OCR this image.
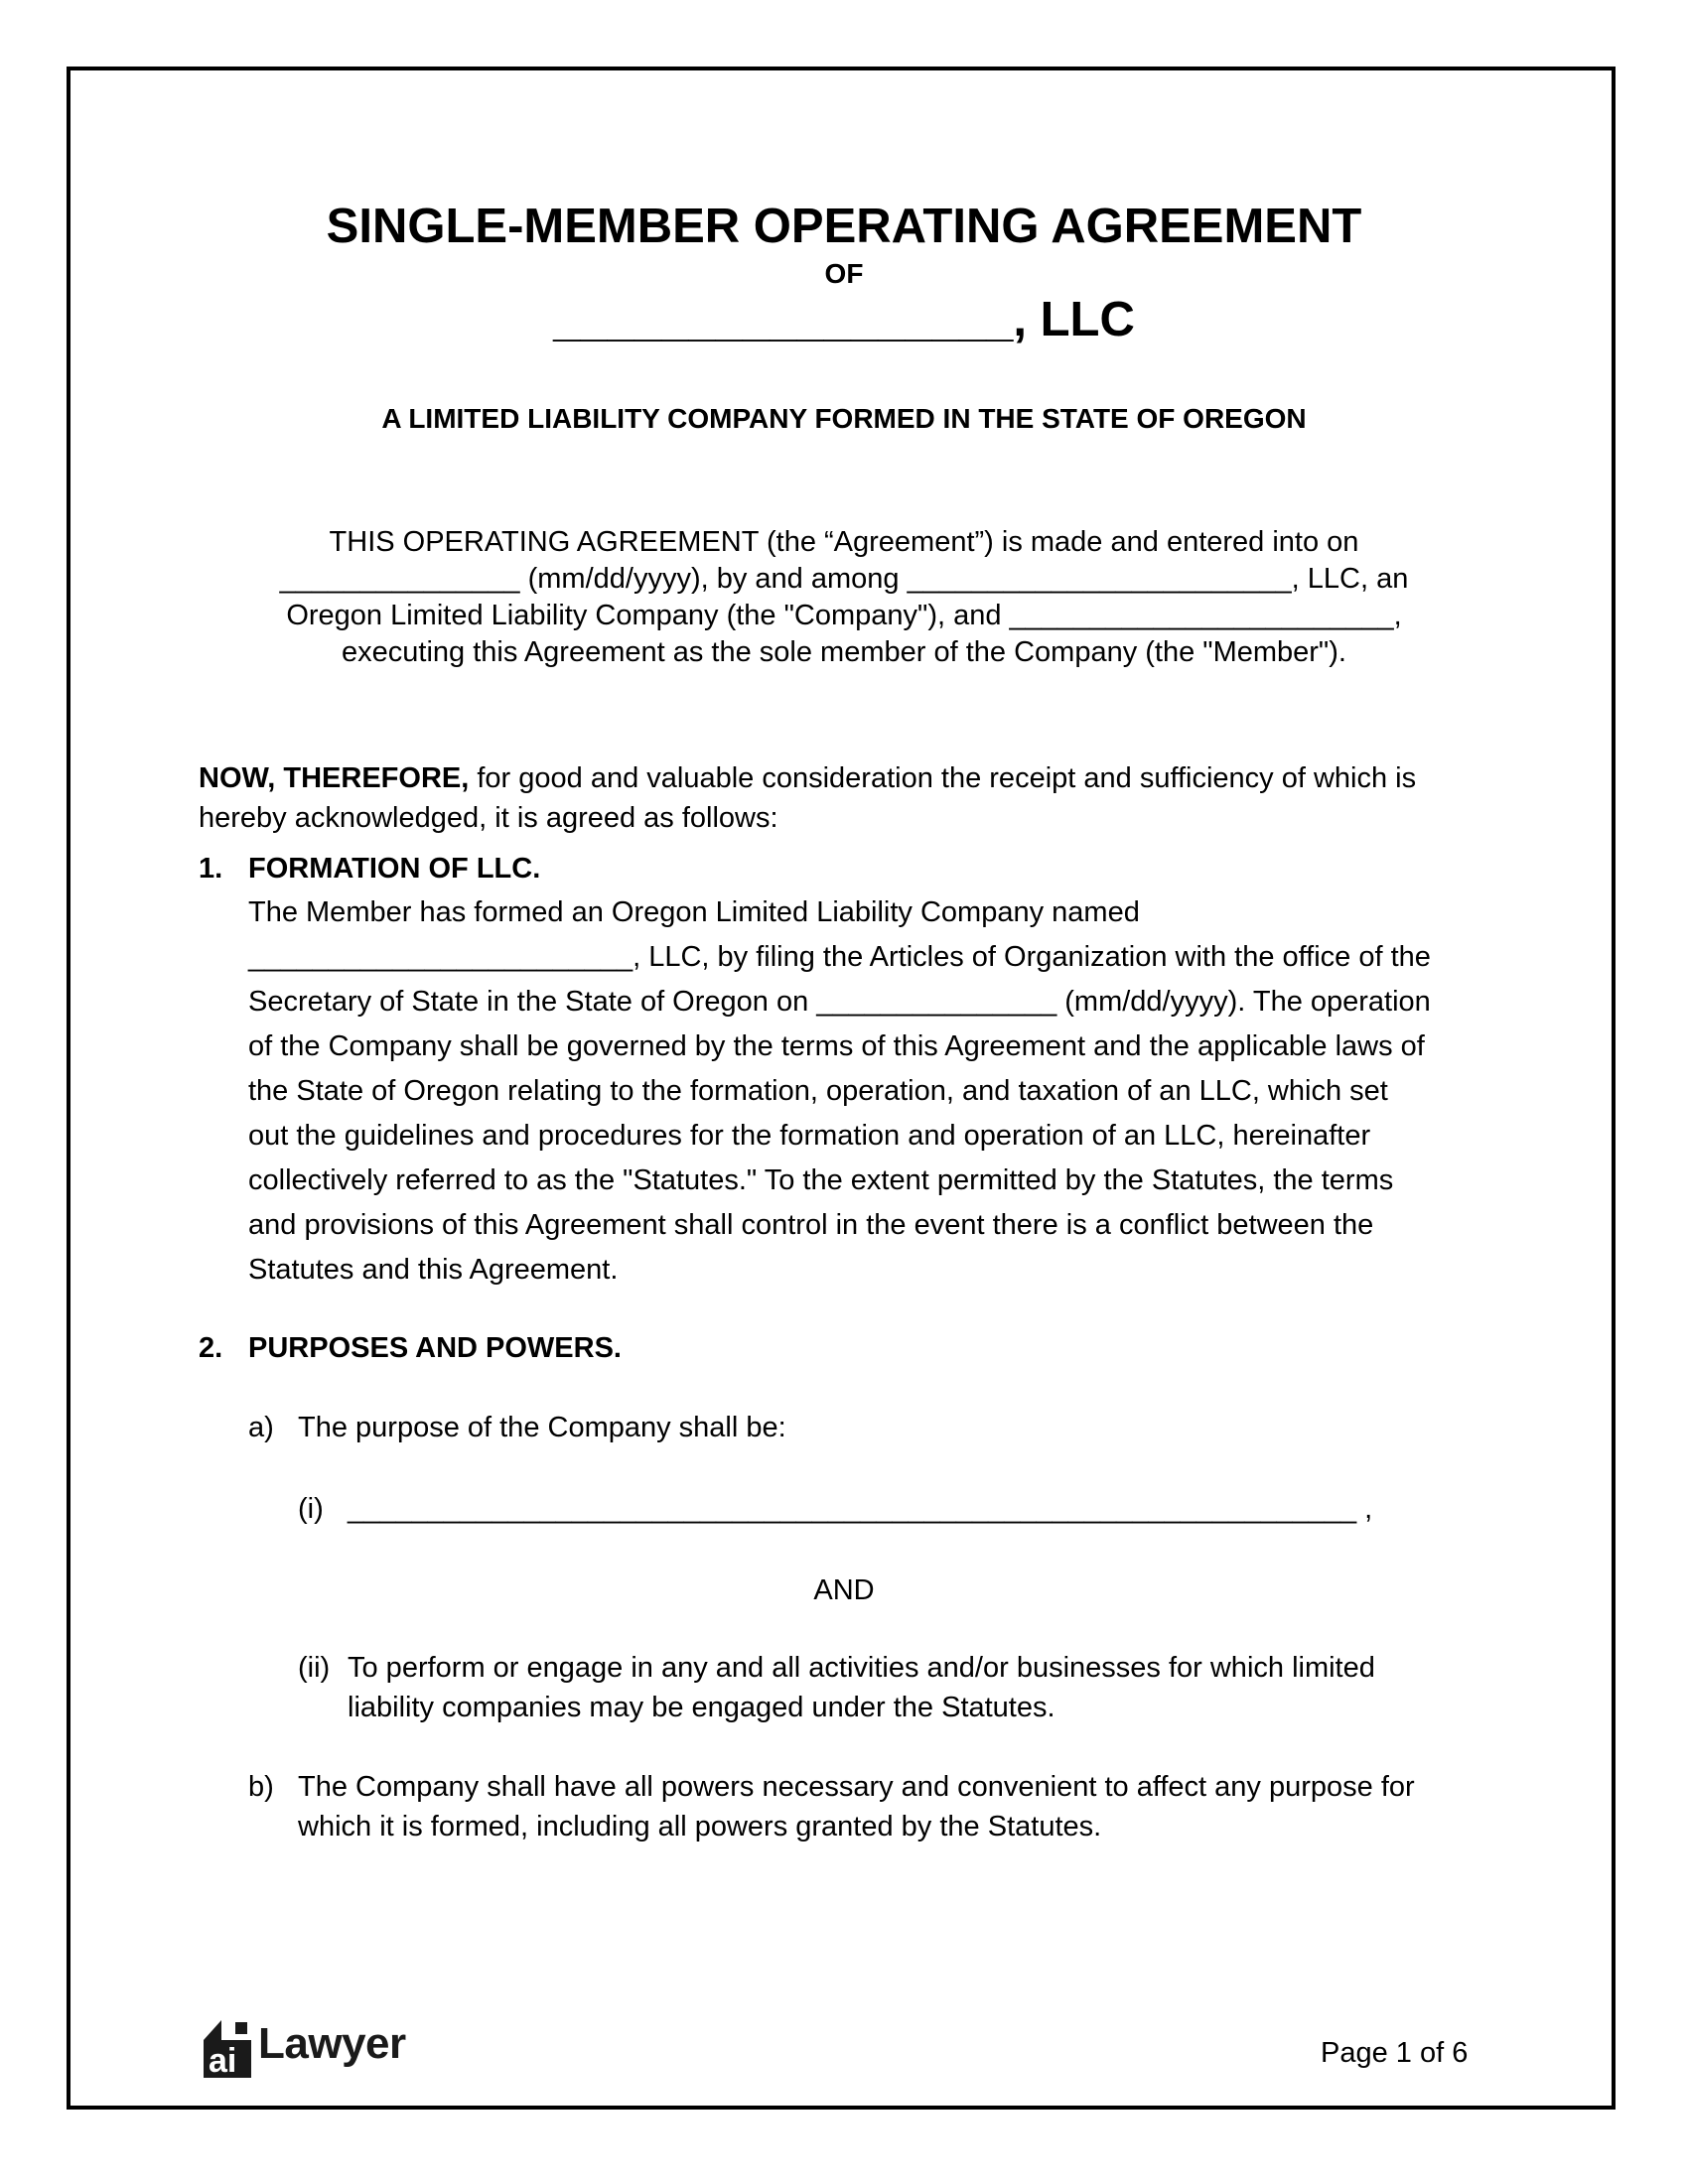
SINGLE-MEMBER OPERATING AGREEMENT
OF
_________________, LLC
A LIMITED LIABILITY COMPANY FORMED IN THE STATE OF OREGON
THIS OPERATING AGREEMENT (the “Agreement”) is made and entered into on
_______________ (mm/dd/yyyy), by and among ________________________, LLC, an
Oregon Limited Liability Company (the "Company"), and ________________________,
executing this Agreement as the sole member of the Company (the "Member").
NOW, THEREFORE, for good and valuable consideration the receipt and sufficiency of which is hereby acknowledged, it is agreed as follows:
1. FORMATION OF LLC.
The Member has formed an Oregon Limited Liability Company named
________________________, LLC, by filing the Articles of Organization with the office of the
Secretary of State in the State of Oregon on _______________ (mm/dd/yyyy). The operation
of the Company shall be governed by the terms of this Agreement and the applicable laws of
the State of Oregon relating to the formation, operation, and taxation of an LLC, which set
out the guidelines and procedures for the formation and operation of an LLC, hereinafter
collectively referred to as the "Statutes." To the extent permitted by the Statutes, the terms
and provisions of this Agreement shall control in the event there is a conflict between the
Statutes and this Agreement.
2. PURPOSES AND POWERS.
a) The purpose of the Company shall be:
(i) _______________________________________________________________ ,
AND
(ii) To perform or engage in any and all activities and/or businesses for which limited
liability companies may be engaged under the Statutes.
b) The Company shall have all powers necessary and convenient to affect any purpose for
which it is formed, including all powers granted by the Statutes.
ai Lawyer	Page 1 of 6
